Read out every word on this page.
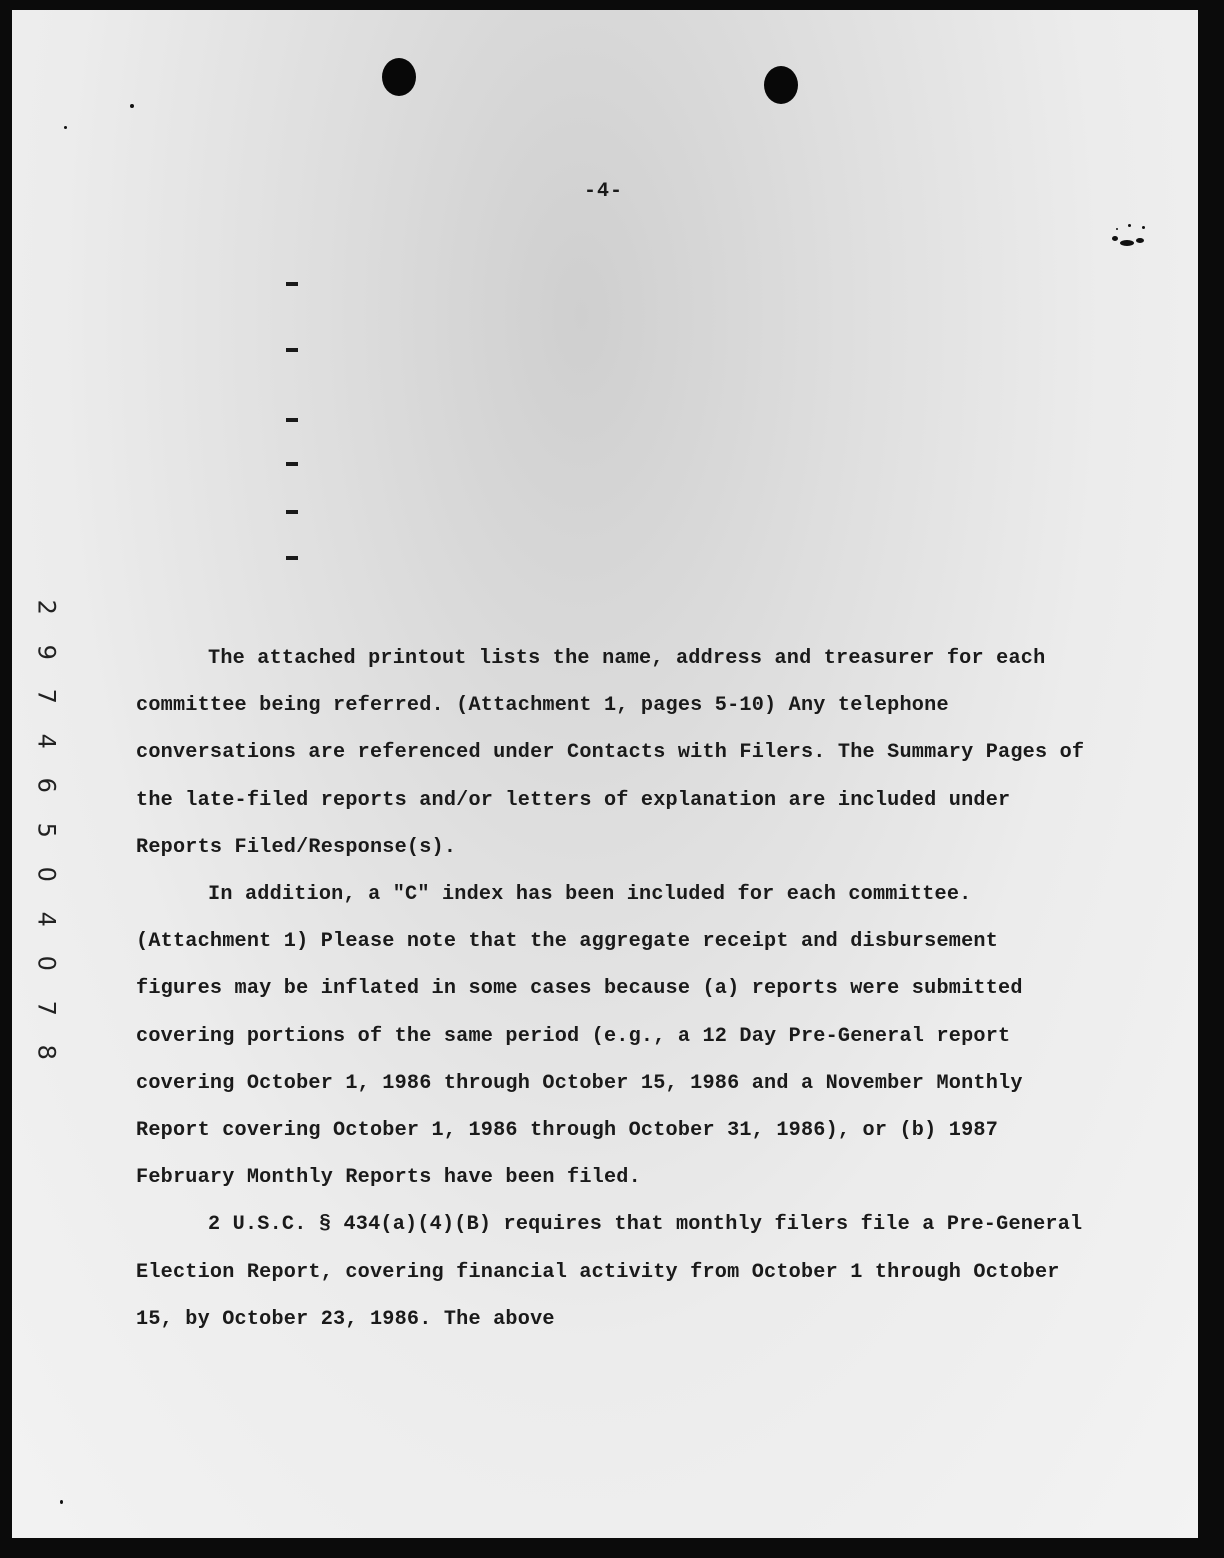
-4-

The attached printout lists the name, address and treasurer for each committee being referred. (Attachment 1, pages 5-10) Any telephone conversations are referenced under Contacts with Filers. The Summary Pages of the late-filed reports and/or letters of explanation are included under Reports Filed/Response(s).

In addition, a "C" index has been included for each committee. (Attachment 1) Please note that the aggregate receipt and disbursement figures may be inflated in some cases because (a) reports were submitted covering portions of the same period (e.g., a 12 Day Pre-General report covering October 1, 1986 through October 15, 1986 and a November Monthly Report covering October 1, 1986 through October 31, 1986), or (b) 1987 February Monthly Reports have been filed.

2 U.S.C. § 434(a)(4)(B) requires that monthly filers file a Pre-General Election Report, covering financial activity from October 1 through October 15, by October 23, 1986. The above

2
9
7
4
6
5
0
4
0
7
8
